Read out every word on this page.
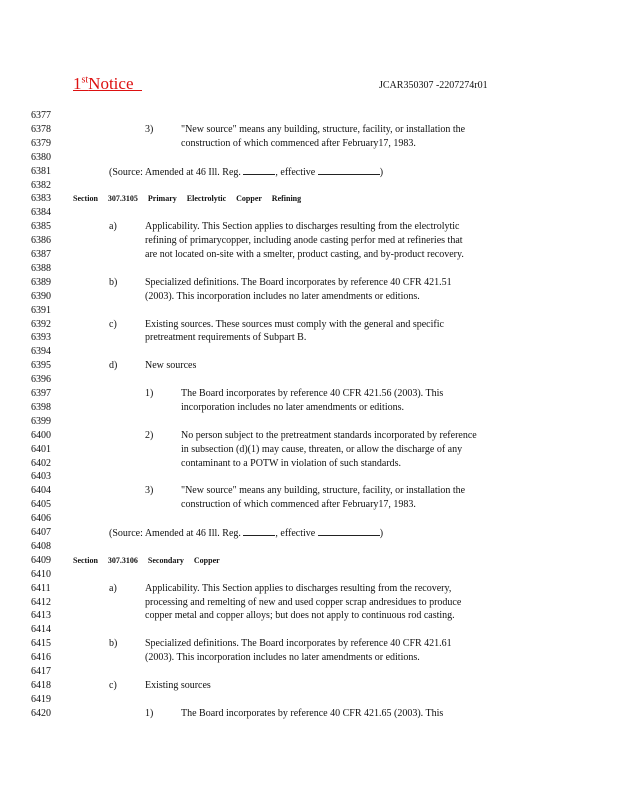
1stNotice	JCAR350307 -2207274r01
6377
6378	3)	"New source" means any building, structure, facility, or installation the
6379	construction of which commenced after February17, 1983.
6380
6381	(Source: Amended at 46 Ill. Reg.	, effective	)
6382
6383	Section     307.3105     Primary     Electrolytic     Copper     Refining
6384
6385	a)	Applicability. This Section applies to discharges resulting from the electrolytic
6386	refining of primarycopper, including anode casting perfor med at refineries that
6387	are not located on-site with a smelter, product casting, and by-product recovery.
6388
6389	b)	Specialized definitions. The Board incorporates by reference 40 CFR 421.51
6390	(2003). This incorporation includes no later amendments or editions.
6391
6392	c)	Existing sources. These sources must comply with the general and specific
6393	pretreatment requirements of Subpart B.
6394
6395	d)	New sources
6396
6397	1)	The Board incorporates by reference 40 CFR 421.56 (2003). This
6398	incorporation includes no later amendments or editions.
6399
6400	2)	No person subject to the pretreatment standards incorporated by reference
6401	in subsection (d)(1) may cause, threaten, or allow the discharge of any
6402	contaminant to a POTW in violation of such standards.
6403
6404	3)	"New source" means any building, structure, facility, or installation the
6405	construction of which commenced after February17, 1983.
6406
6407	(Source: Amended at 46 Ill. Reg.	, effective	)
6408
6409	Section     307.3106     Secondary     Copper
6410
6411	a)	Applicability. This Section applies to discharges resulting from the recovery,
6412	processing and remelting of new and used copper scrap andresidues to produce
6413	copper metal and copper alloys; but does not apply to continuous rod casting.
6414
6415	b)	Specialized definitions. The Board incorporates by reference 40 CFR 421.61
6416	(2003). This incorporation includes no later amendments or editions.
6417
6418	c)	Existing sources
6419
6420	1)	The Board incorporates by reference 40 CFR 421.65 (2003). This
